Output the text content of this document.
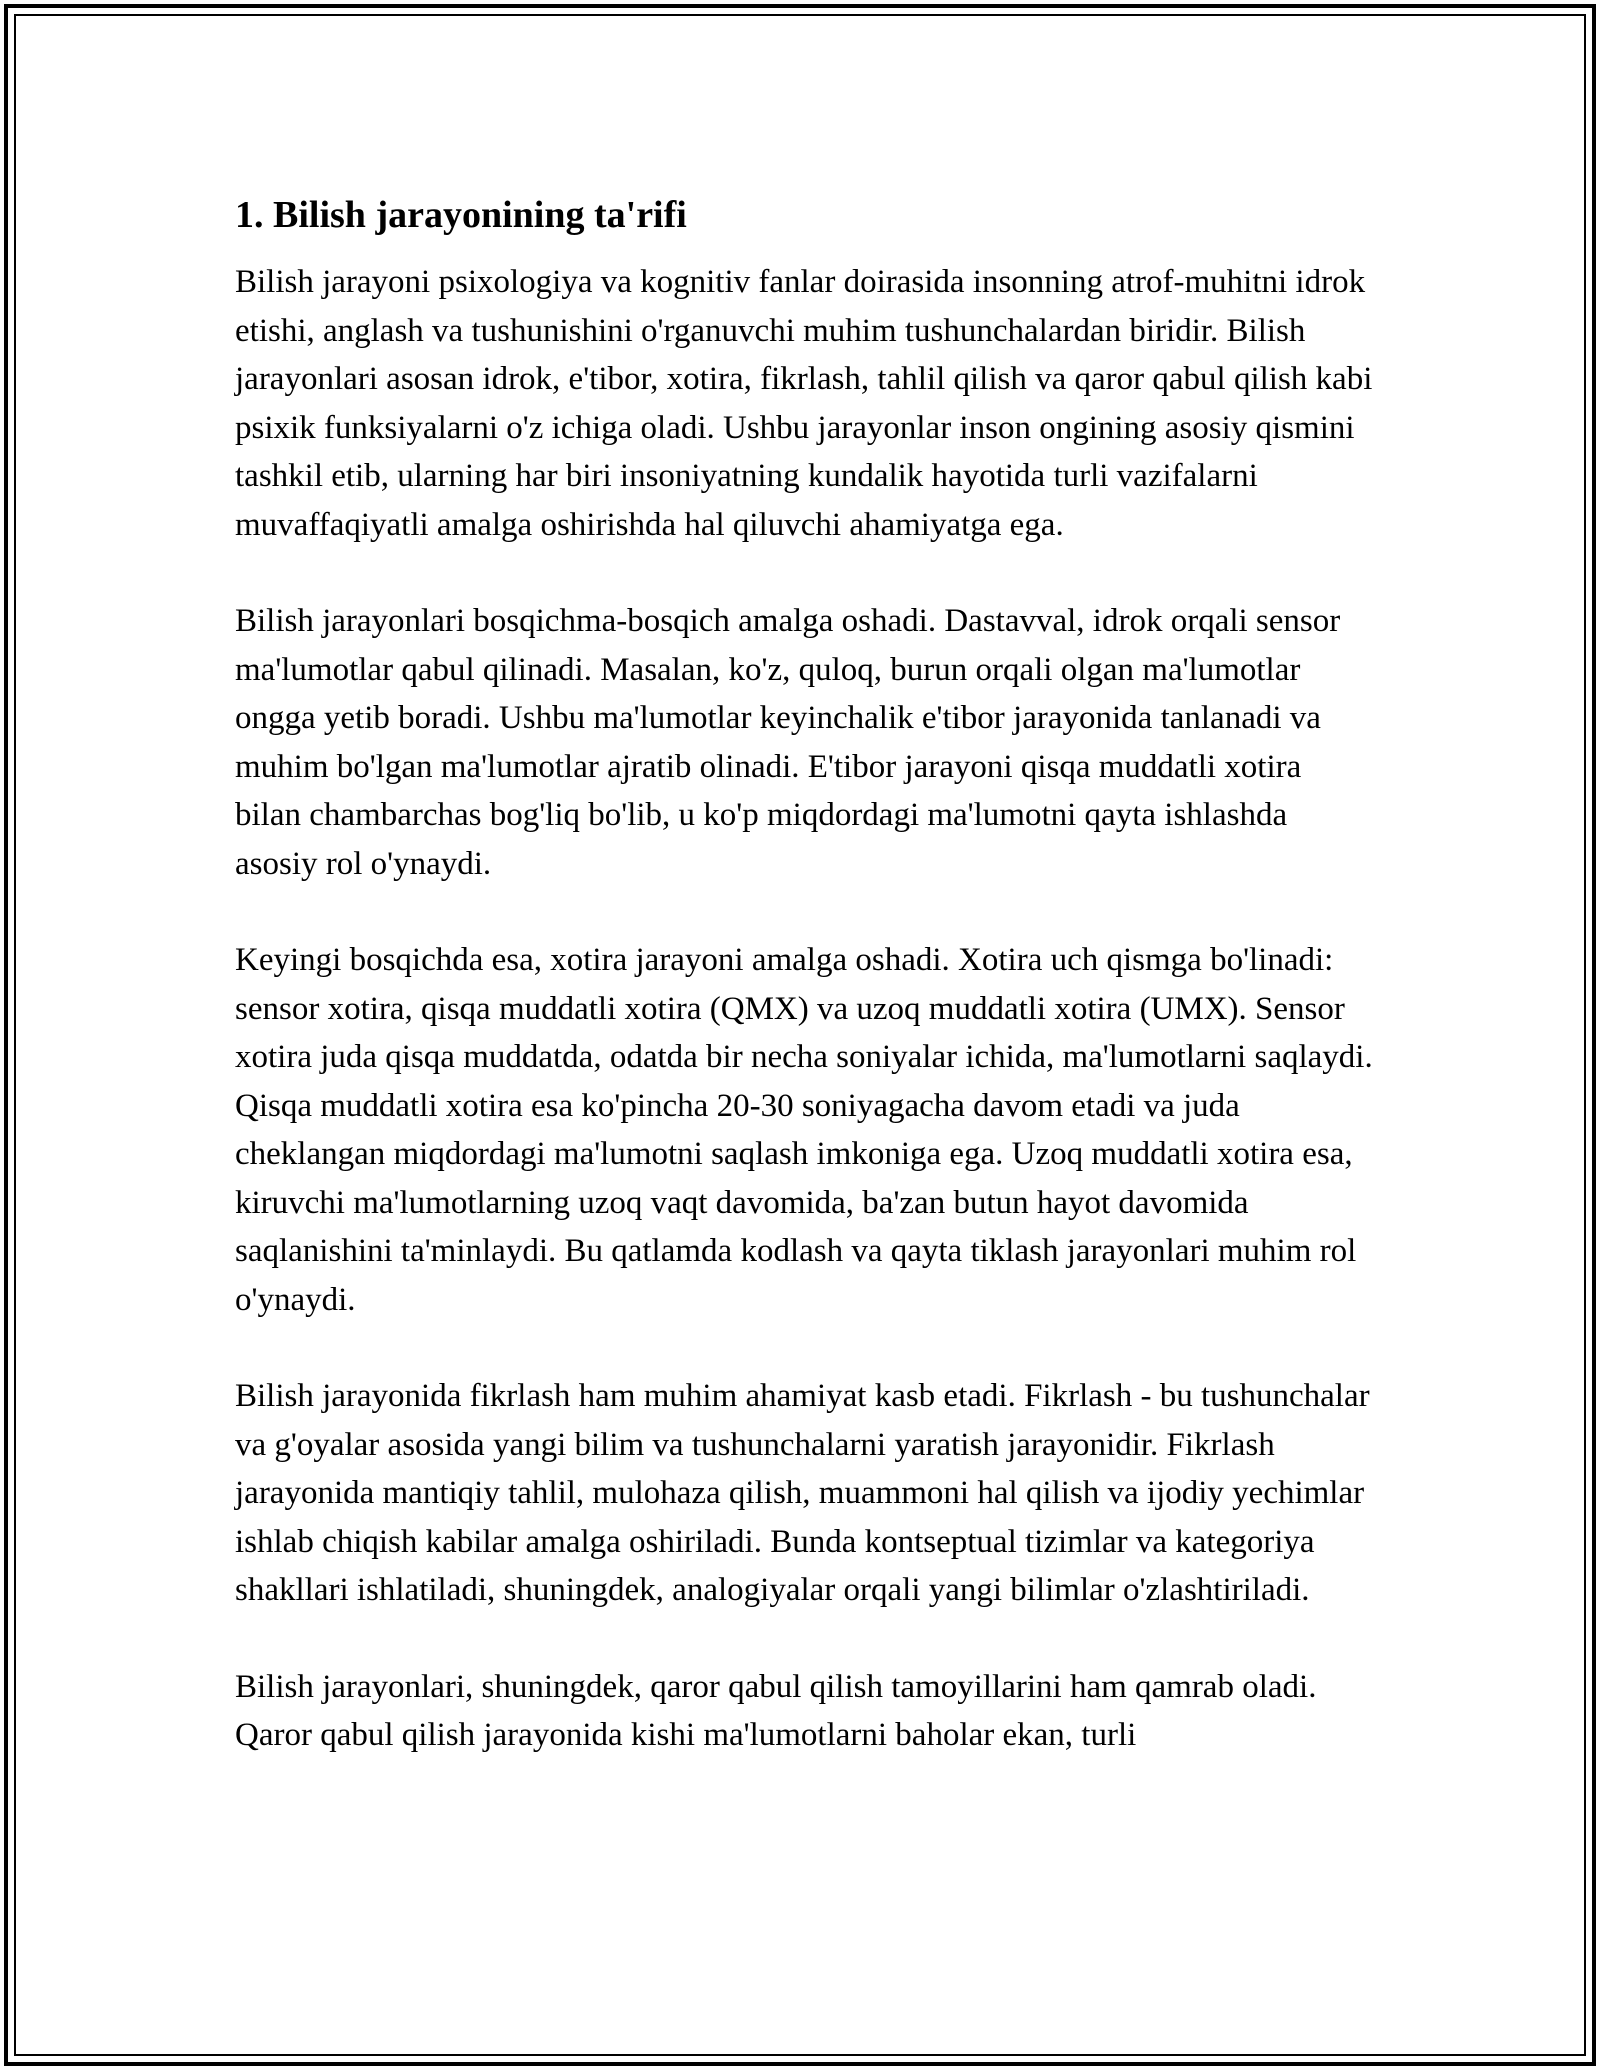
1. Bilish jarayonining ta'rifi

Bilish jarayoni psixologiya va kognitiv fanlar doirasida insonning atrof-muhitni idrok etishi, anglash va tushunishini o'rganuvchi muhim tushunchalardan biridir. Bilish jarayonlari asosan idrok, e'tibor, xotira, fikrlash, tahlil qilish va qaror qabul qilish kabi psixik funksiyalarni o'z ichiga oladi. Ushbu jarayonlar inson ongining asosiy qismini tashkil etib, ularning har biri insoniyatning kundalik hayotida turli vazifalarni muvaffaqiyatli amalga oshirishda hal qiluvchi ahamiyatga ega.

Bilish jarayonlari bosqichma-bosqich amalga oshadi. Dastavval, idrok orqali sensor ma'lumotlar qabul qilinadi. Masalan, ko'z, quloq, burun orqali olgan ma'lumotlar ongga yetib boradi. Ushbu ma'lumotlar keyinchalik e'tibor jarayonida tanlanadi va muhim bo'lgan ma'lumotlar ajratib olinadi. E'tibor jarayoni qisqa muddatli xotira bilan chambarchas bog'liq bo'lib, u ko'p miqdordagi ma'lumotni qayta ishlashda asosiy rol o'ynaydi.

Keyingi bosqichda esa, xotira jarayoni amalga oshadi. Xotira uch qismga bo'linadi: sensor xotira, qisqa muddatli xotira (QMX) va uzoq muddatli xotira (UMX). Sensor xotira juda qisqa muddatda, odatda bir necha soniyalar ichida, ma'lumotlarni saqlaydi. Qisqa muddatli xotira esa ko'pincha 20-30 soniyagacha davom etadi va juda cheklangan miqdordagi ma'lumotni saqlash imkoniga ega. Uzoq muddatli xotira esa, kiruvchi ma'lumotlarning uzoq vaqt davomida, ba'zan butun hayot davomida saqlanishini ta'minlaydi. Bu qatlamda kodlash va qayta tiklash jarayonlari muhim rol o'ynaydi.

Bilish jarayonida fikrlash ham muhim ahamiyat kasb etadi. Fikrlash - bu tushunchalar va g'oyalar asosida yangi bilim va tushunchalarni yaratish jarayonidir. Fikrlash jarayonida mantiqiy tahlil, mulohaza qilish, muammoni hal qilish va ijodiy yechimlar ishlab chiqish kabilar amalga oshiriladi. Bunda kontseptual tizimlar va kategoriya shakllari ishlatiladi, shuningdek, analogiyalar orqali yangi bilimlar o'zlashtiriladi.

Bilish jarayonlari, shuningdek, qaror qabul qilish tamoyillarini ham qamrab oladi. Qaror qabul qilish jarayonida kishi ma'lumotlarni baholar ekan, turli
